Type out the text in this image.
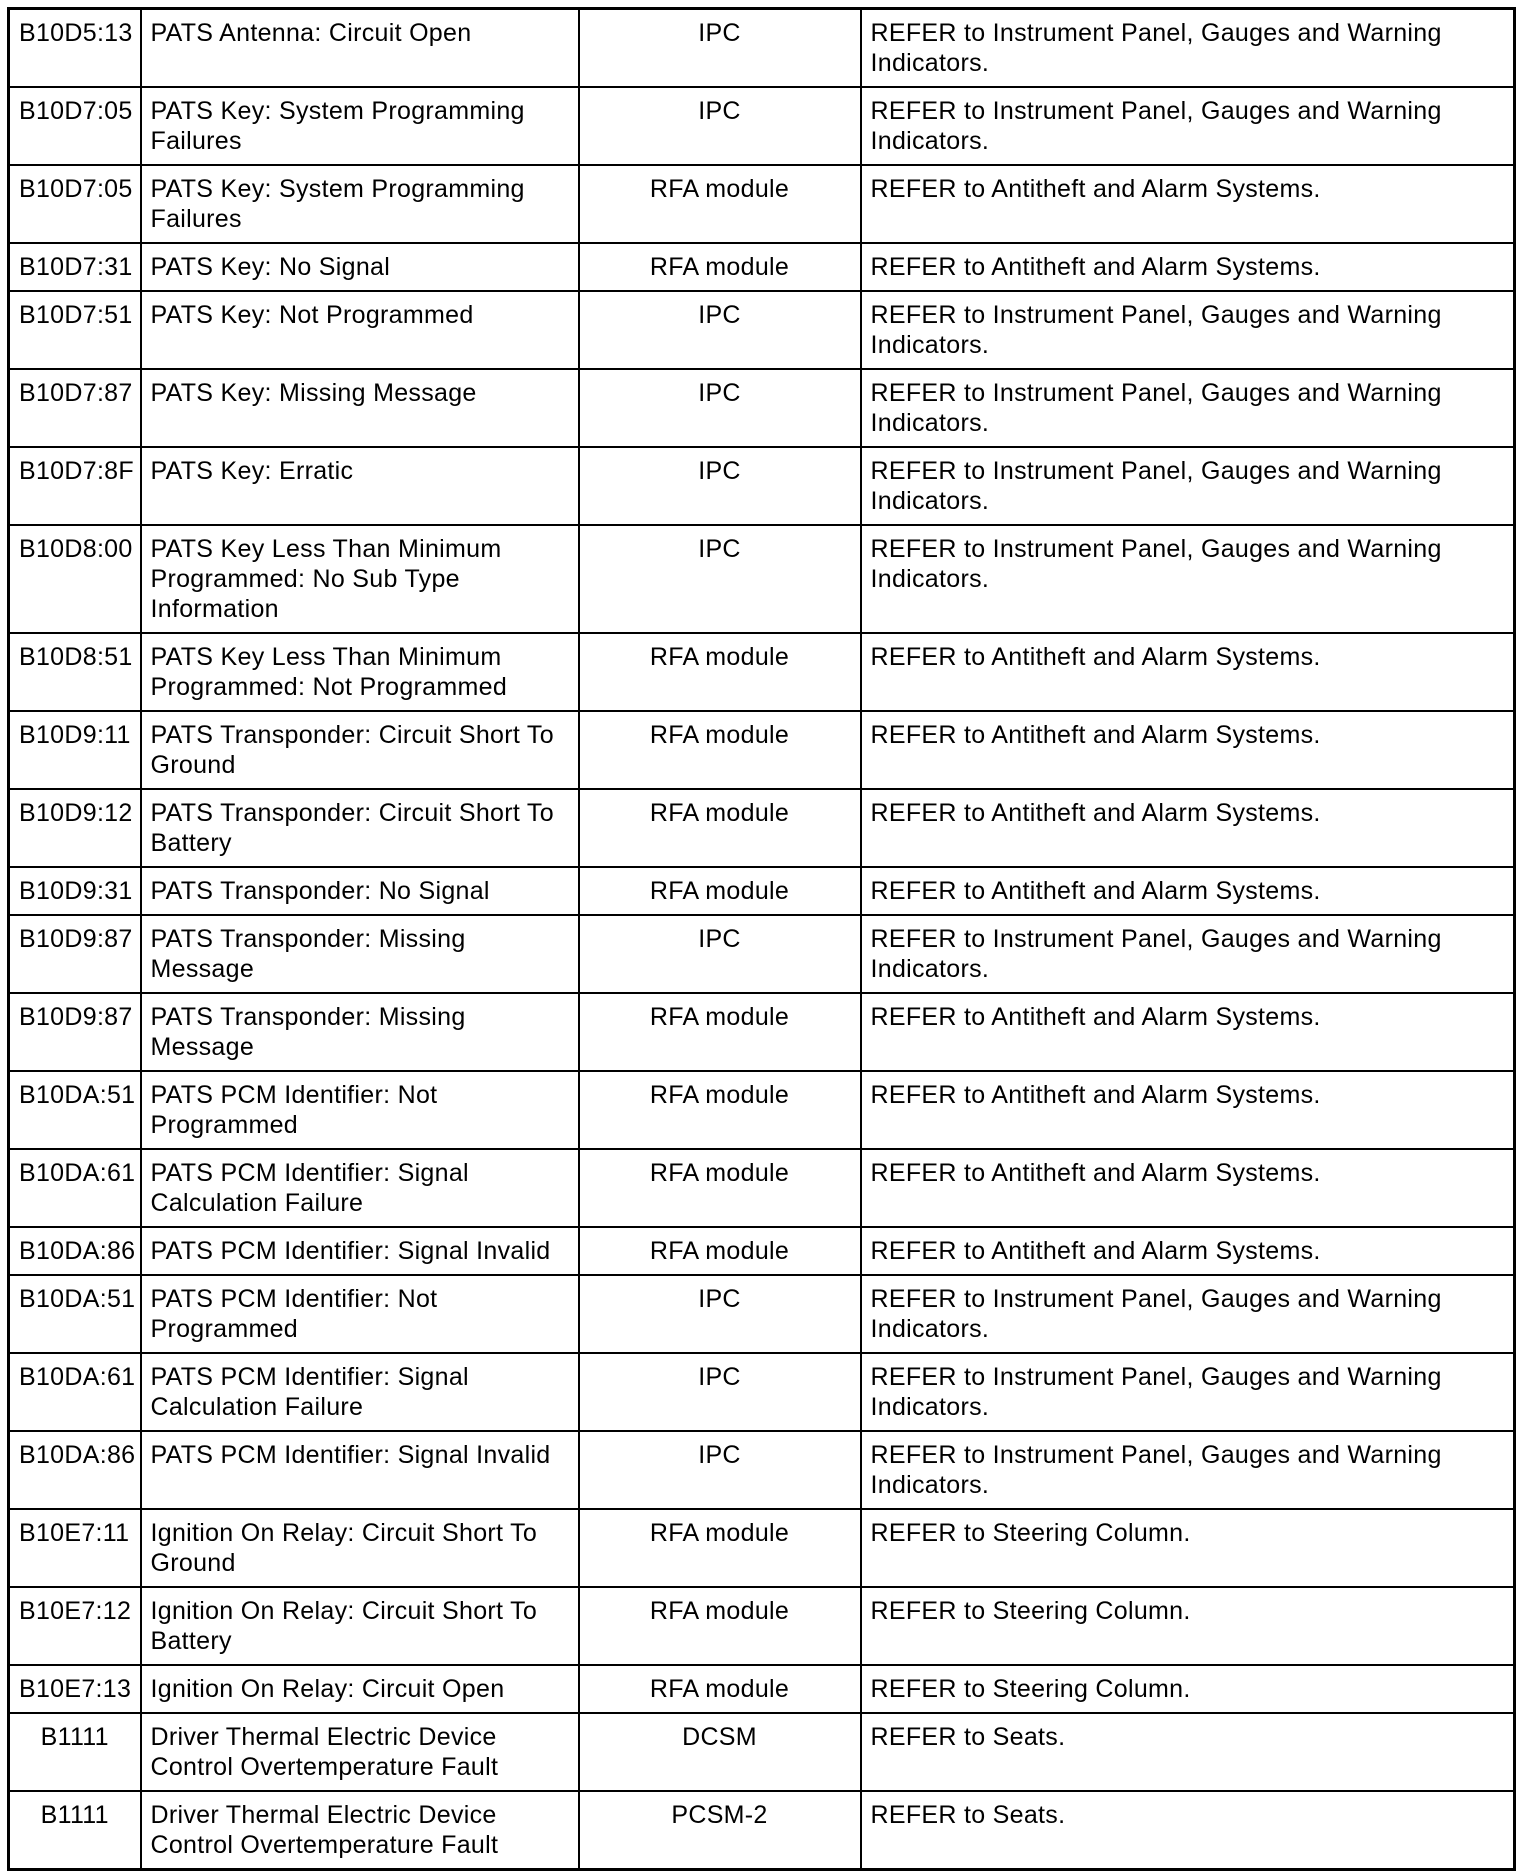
B10D5:13	PATS Antenna: Circuit Open	IPC	REFER to Instrument Panel, Gauges and Warning Indicators.
B10D7:05	PATS Key: System Programming Failures	IPC	REFER to Instrument Panel, Gauges and Warning Indicators.
B10D7:05	PATS Key: System Programming Failures	RFA module	REFER to Antitheft and Alarm Systems.
B10D7:31	PATS Key: No Signal	RFA module	REFER to Antitheft and Alarm Systems.
B10D7:51	PATS Key: Not Programmed	IPC	REFER to Instrument Panel, Gauges and Warning Indicators.
B10D7:87	PATS Key: Missing Message	IPC	REFER to Instrument Panel, Gauges and Warning Indicators.
B10D7:8F	PATS Key: Erratic	IPC	REFER to Instrument Panel, Gauges and Warning Indicators.
B10D8:00	PATS Key Less Than Minimum Programmed: No Sub Type Information	IPC	REFER to Instrument Panel, Gauges and Warning Indicators.
B10D8:51	PATS Key Less Than Minimum Programmed: Not Programmed	RFA module	REFER to Antitheft and Alarm Systems.
B10D9:11	PATS Transponder: Circuit Short To Ground	RFA module	REFER to Antitheft and Alarm Systems.
B10D9:12	PATS Transponder: Circuit Short To Battery	RFA module	REFER to Antitheft and Alarm Systems.
B10D9:31	PATS Transponder: No Signal	RFA module	REFER to Antitheft and Alarm Systems.
B10D9:87	PATS Transponder: Missing Message	IPC	REFER to Instrument Panel, Gauges and Warning Indicators.
B10D9:87	PATS Transponder: Missing Message	RFA module	REFER to Antitheft and Alarm Systems.
B10DA:51	PATS PCM Identifier: Not Programmed	RFA module	REFER to Antitheft and Alarm Systems.
B10DA:61	PATS PCM Identifier: Signal Calculation Failure	RFA module	REFER to Antitheft and Alarm Systems.
B10DA:86	PATS PCM Identifier: Signal Invalid	RFA module	REFER to Antitheft and Alarm Systems.
B10DA:51	PATS PCM Identifier: Not Programmed	IPC	REFER to Instrument Panel, Gauges and Warning Indicators.
B10DA:61	PATS PCM Identifier: Signal Calculation Failure	IPC	REFER to Instrument Panel, Gauges and Warning Indicators.
B10DA:86	PATS PCM Identifier: Signal Invalid	IPC	REFER to Instrument Panel, Gauges and Warning Indicators.
B10E7:11	Ignition On Relay: Circuit Short To Ground	RFA module	REFER to Steering Column.
B10E7:12	Ignition On Relay: Circuit Short To Battery	RFA module	REFER to Steering Column.
B10E7:13	Ignition On Relay: Circuit Open	RFA module	REFER to Steering Column.
B1111	Driver Thermal Electric Device Control Overtemperature Fault	DCSM	REFER to Seats.
B1111	Driver Thermal Electric Device Control Overtemperature Fault	PCSM-2	REFER to Seats.
